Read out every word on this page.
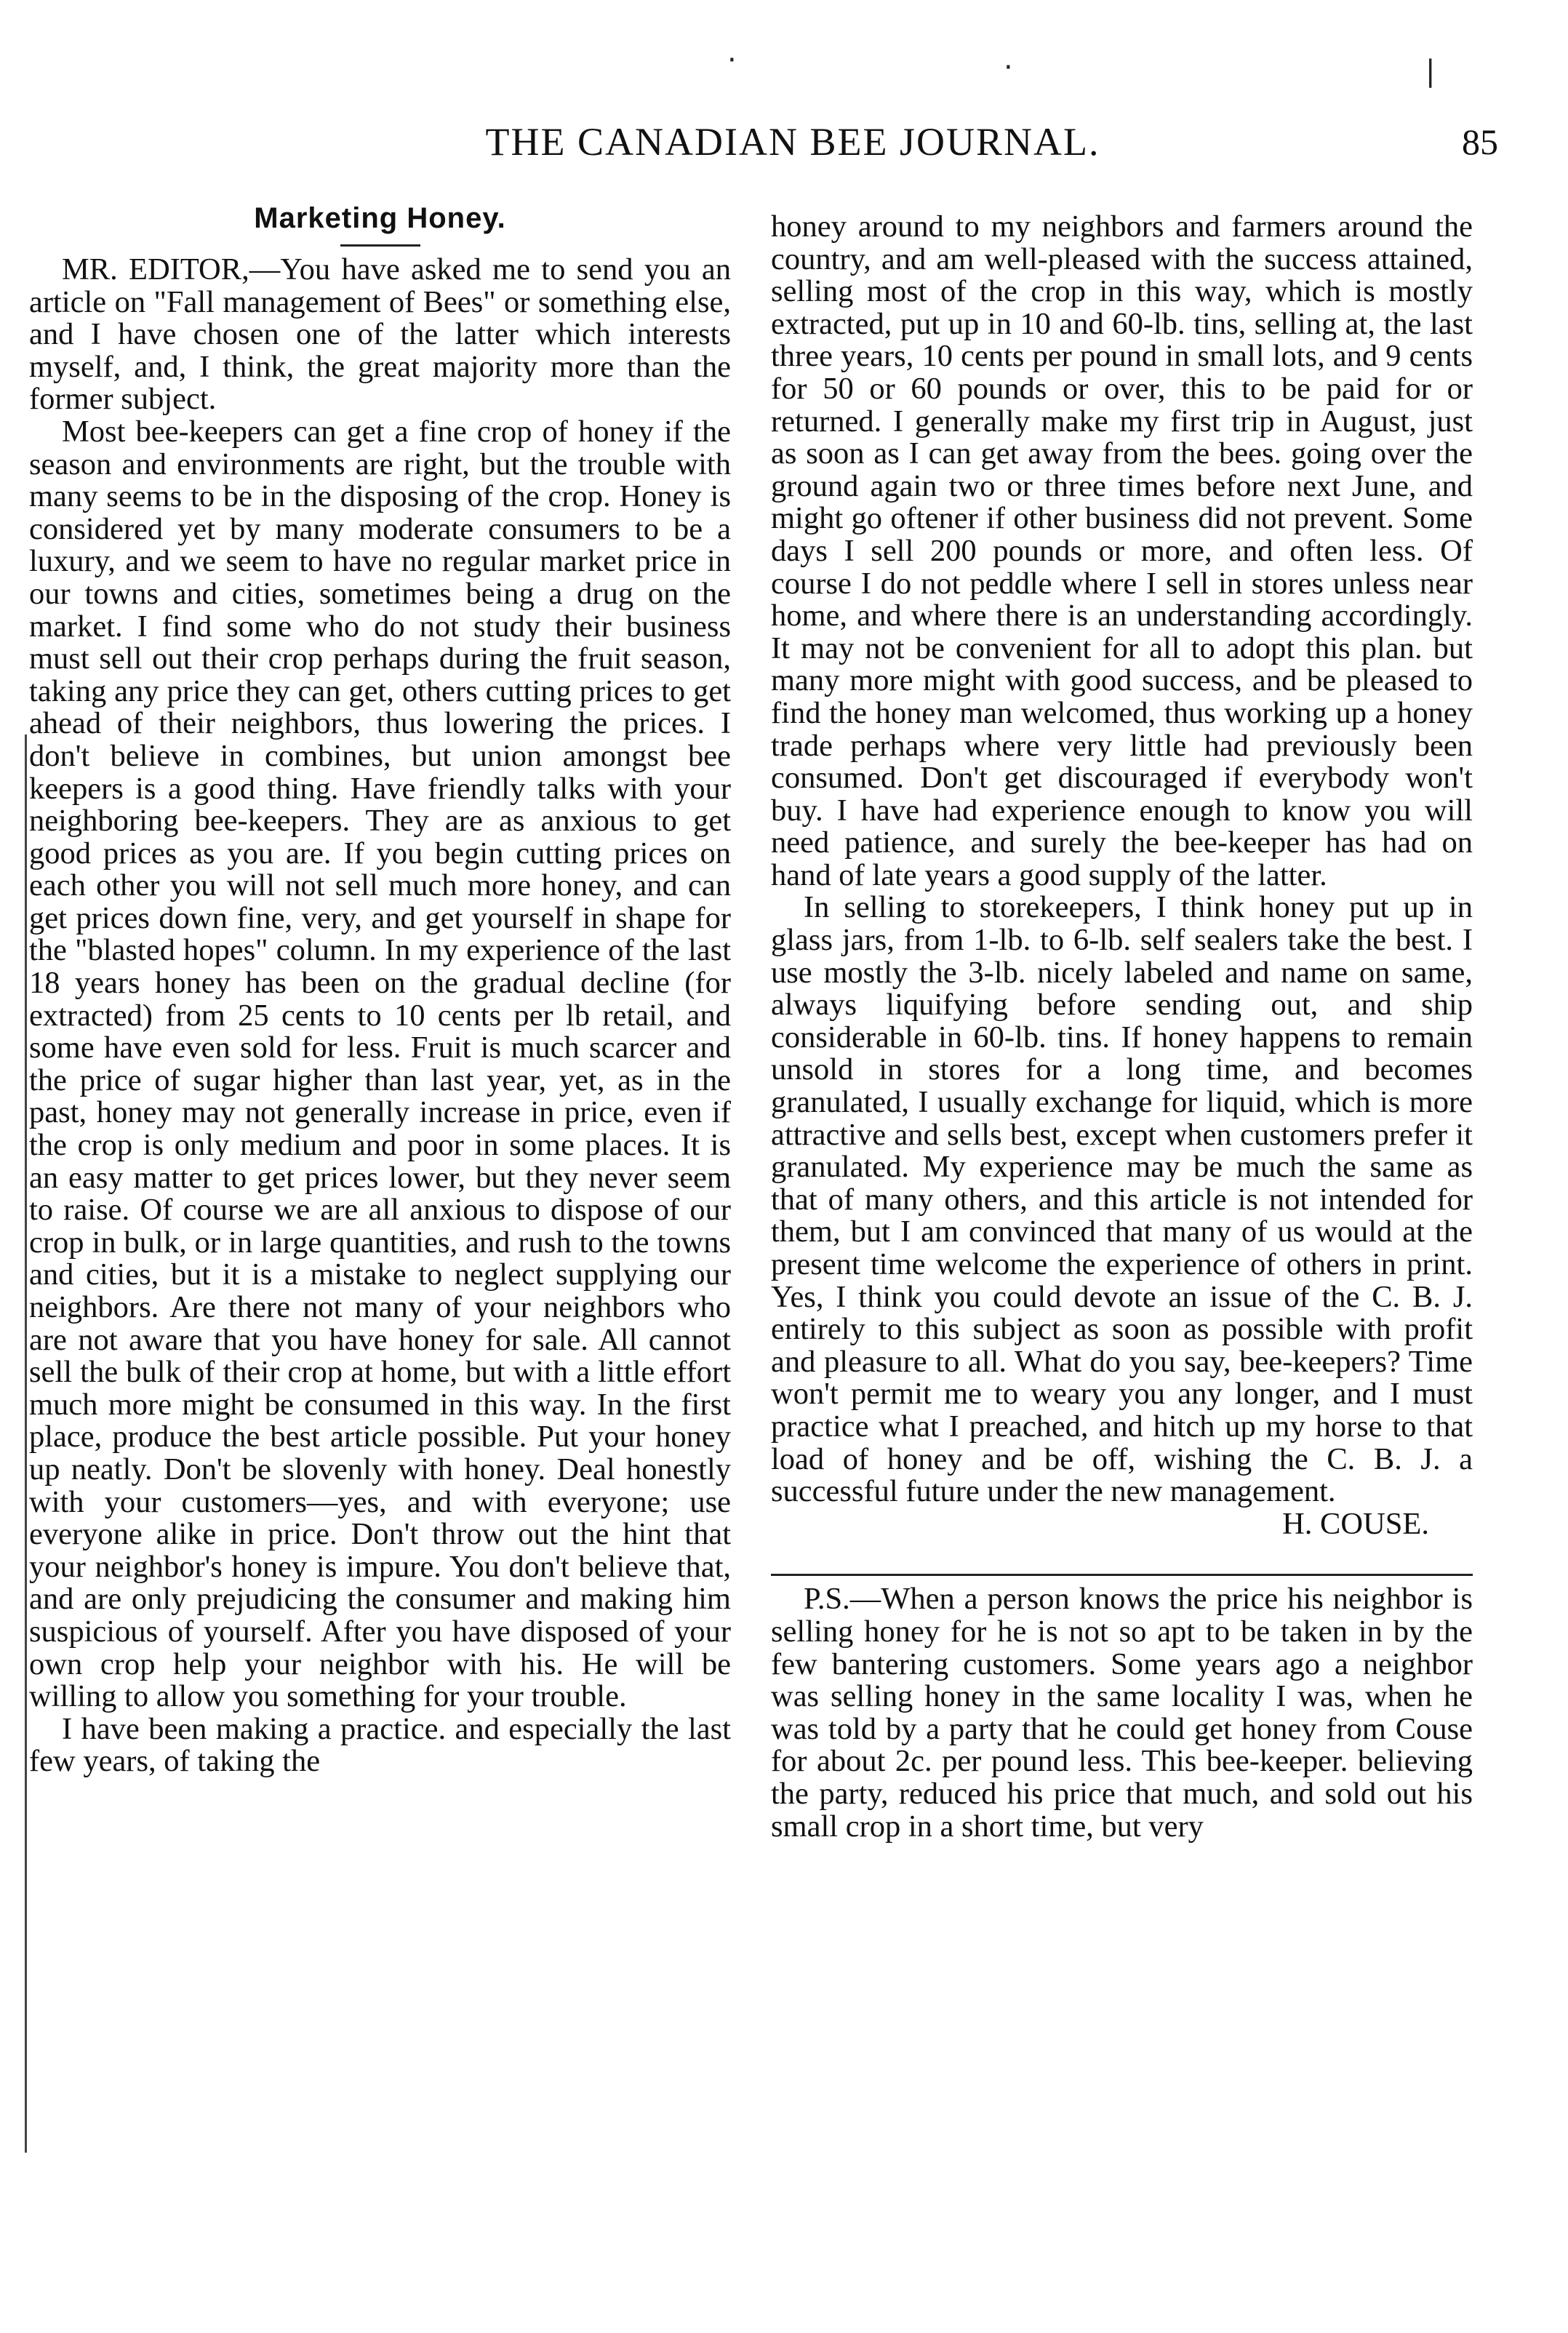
·	·	|
THE CANADIAN BEE JOURNAL.	85
Marketing Honey.

MR. EDITOR,—You have asked me to send you an article on "Fall management of Bees" or something else, and I have chosen one of the latter which interests myself, and, I think, the great majority more than the former subject.

Most bee-keepers can get a fine crop of honey if the season and environments are right, but the trouble with many seems to be in the disposing of the crop. Honey is considered yet by many moderate consumers to be a luxury, and we seem to have no regular market price in our towns and cities, sometimes being a drug on the market. I find some who do not study their business must sell out their crop perhaps during the fruit season, taking any price they can get, others cutting prices to get ahead of their neighbors, thus lowering the prices. I don't believe in combines, but union amongst bee keepers is a good thing. Have friendly talks with your neighboring bee-keepers. They are as anxious to get good prices as you are. If you begin cutting prices on each other you will not sell much more honey, and can get prices down fine, very, and get yourself in shape for the "blasted hopes" column. In my experience of the last 18 years honey has been on the gradual decline (for extracted) from 25 cents to 10 cents per lb retail, and some have even sold for less. Fruit is much scarcer and the price of sugar higher than last year, yet, as in the past, honey may not generally increase in price, even if the crop is only medium and poor in some places. It is an easy matter to get prices lower, but they never seem to raise. Of course we are all anxious to dispose of our crop in bulk, or in large quantities, and rush to the towns and cities, but it is a mistake to neglect supplying our neighbors. Are there not many of your neighbors who are not aware that you have honey for sale. All cannot sell the bulk of their crop at home, but with a little effort much more might be consumed in this way. In the first place, produce the best article possible. Put your honey up neatly. Don't be slovenly with honey. Deal honestly with your customers—yes, and with everyone; use everyone alike in price. Don't throw out the hint that your neighbor's honey is impure. You don't believe that, and are only prejudicing the consumer and making him suspicious of yourself. After you have disposed of your own crop help your neighbor with his. He will be willing to allow you something for your trouble.

I have been making a practice. and especially the last few years, of taking the

honey around to my neighbors and farmers around the country, and am well-pleased with the success attained, selling most of the crop in this way, which is mostly extracted, put up in 10 and 60-lb. tins, selling at, the last three years, 10 cents per pound in small lots, and 9 cents for 50 or 60 pounds or over, this to be paid for or returned. I generally make my first trip in August, just as soon as I can get away from the bees. going over the ground again two or three times before next June, and might go oftener if other business did not prevent. Some days I sell 200 pounds or more, and often less. Of course I do not peddle where I sell in stores unless near home, and where there is an understanding accordingly. It may not be convenient for all to adopt this plan. but many more might with good success, and be pleased to find the honey man welcomed, thus working up a honey trade perhaps where very little had previously been consumed. Don't get discouraged if everybody won't buy. I have had experience enough to know you will need patience, and surely the bee-keeper has had on hand of late years a good supply of the latter.

In selling to storekeepers, I think honey put up in glass jars, from 1-lb. to 6-lb. self sealers take the best. I use mostly the 3-lb. nicely labeled and name on same, always liquifying before sending out, and ship considerable in 60-lb. tins. If honey happens to remain unsold in stores for a long time, and becomes granulated, I usually exchange for liquid, which is more attractive and sells best, except when customers prefer it granulated. My experience may be much the same as that of many others, and this article is not intended for them, but I am convinced that many of us would at the present time welcome the experience of others in print. Yes, I think you could devote an issue of the C. B. J. entirely to this subject as soon as possible with profit and pleasure to all. What do you say, bee-keepers? Time won't permit me to weary you any longer, and I must practice what I preached, and hitch up my horse to that load of honey and be off, wishing the C. B. J. a successful future under the new management.

H. COUSE.

P.S.—When a person knows the price his neighbor is selling honey for he is not so apt to be taken in by the few bantering customers. Some years ago a neighbor was selling honey in the same locality I was, when he was told by a party that he could get honey from Couse for about 2c. per pound less. This bee-keeper. believing the party, reduced his price that much, and sold out his small crop in a short time, but very
